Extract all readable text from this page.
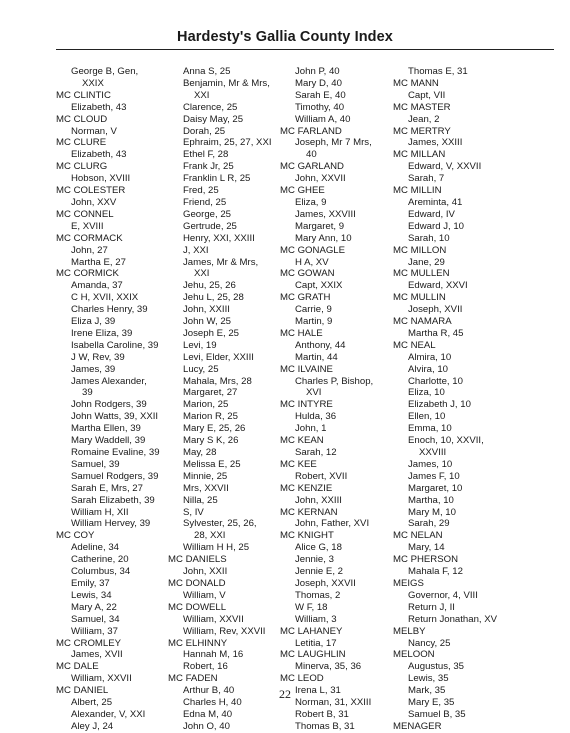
Hardesty's Gallia County Index
George B, Gen,
XXIX
MC CLINTIC
Elizabeth, 43
MC CLOUD
Norman, V
MC CLURE
Elizabeth, 43
MC CLURG
Hobson, XVIII
MC COLESTER
John, XXV
MC CONNEL
E, XVIII
MC CORMACK
John, 27
Martha E, 27
MC CORMICK
Amanda, 37
C H, XVII, XXIX
Charles Henry, 39
Eliza J, 39
Irene Eliza, 39
Isabella Caroline, 39
J W, Rev, 39
James, 39
James Alexander,
39
John Rodgers, 39
John Watts, 39, XXII
Martha Ellen, 39
Mary Waddell, 39
Romaine Evaline, 39
Samuel, 39
Samuel Rodgers, 39
Sarah E, Mrs, 27
Sarah Elizabeth, 39
William H, XII
William Hervey, 39
MC COY
Adeline, 34
Catherine, 20
Columbus, 34
Emily, 37
Lewis, 34
Mary A, 22
Samuel, 34
William, 37
MC CROMLEY
James, XVII
MC DALE
William, XXVII
MC DANIEL
Albert, 25
Alexander, V, XXI
Aley J, 24
Anna S, 25
Benjamin, Mr & Mrs,
XXI
Clarence, 25
Daisy May, 25
Dorah, 25
Ephraim, 25, 27, XXI
Ethel F, 28
Frank Jr, 25
Franklin L R, 25
Fred, 25
Friend, 25
George, 25
Gertrude, 25
Henry, XXI, XXIII
J, XXI
James, Mr & Mrs,
XXI
Jehu, 25, 26
Jehu L, 25, 28
John, XXIII
John W, 25
Joseph E, 25
Levi, 19
Levi, Elder, XXIII
Lucy, 25
Mahala, Mrs, 28
Margaret, 27
Marion, 25
Marion R, 25
Mary E, 25, 26
Mary S K, 26
May, 28
Melissa E, 25
Minnie, 25
Mrs, XXVII
Nilla, 25
S, IV
Sylvester, 25, 26,
28, XXI
William H H, 25
MC DANIELS
John, XXII
MC DONALD
William, V
MC DOWELL
William, XXVII
William, Rev, XXVII
MC ELHINNY
Hannah M, 16
Robert, 16
MC FADEN
Arthur B, 40
Charles H, 40
Edna M, 40
John O, 40
John P, 40
Mary D, 40
Sarah E, 40
Timothy, 40
William A, 40
MC FARLAND
Joseph, Mr 7 Mrs,
40
MC GARLAND
John, XXVII
MC GHEE
Eliza, 9
James, XXVIII
Margaret, 9
Mary Ann, 10
MC GONAGLE
H A, XV
MC GOWAN
Capt, XXIX
MC GRATH
Carrie, 9
Martin, 9
MC HALE
Anthony, 44
Martin, 44
MC ILVAINE
Charles P, Bishop,
XVI
MC INTYRE
Hulda, 36
John, 1
MC KEAN
Sarah, 12
MC KEE
Robert, XVII
MC KENZIE
John, XXIII
MC KERNAN
John, Father, XVI
MC KNIGHT
Alice G, 18
Jennie, 3
Jennie E, 2
Joseph, XXVII
Thomas, 2
W F, 18
William, 3
MC LAHANEY
Letitia, 17
MC LAUGHLIN
Minerva, 35, 36
MC LEOD
Irena L, 31
Norman, 31, XXIII
Robert B, 31
Thomas B, 31
Thomas E, 31
MC MANN
Capt, VII
MC MASTER
Jean, 2
MC MERTRY
James, XXIII
MC MILLAN
Edward, V, XXVII
Sarah, 7
MC MILLIN
Areminta, 41
Edward, IV
Edward J, 10
Sarah, 10
MC MILLON
Jane, 29
MC MULLEN
Edward, XXVI
MC MULLIN
Joseph, XVII
MC NAMARA
Martha R, 45
MC NEAL
Almira, 10
Alvira, 10
Charlotte, 10
Eliza, 10
Elizabeth J, 10
Ellen, 10
Emma, 10
Enoch, 10, XXVII,
XXVIII
James, 10
James F, 10
Margaret, 10
Martha, 10
Mary M, 10
Sarah, 29
MC NELAN
Mary, 14
MC PHERSON
Mahala F, 12
MEIGS
Governor, 4, VIII
Return J, II
Return Jonathan, XV
MELBY
Nancy, 25
MELOON
Augustus, 35
Lewis, 35
Mark, 35
Mary E, 35
Samuel B, 35
MENAGER
22
